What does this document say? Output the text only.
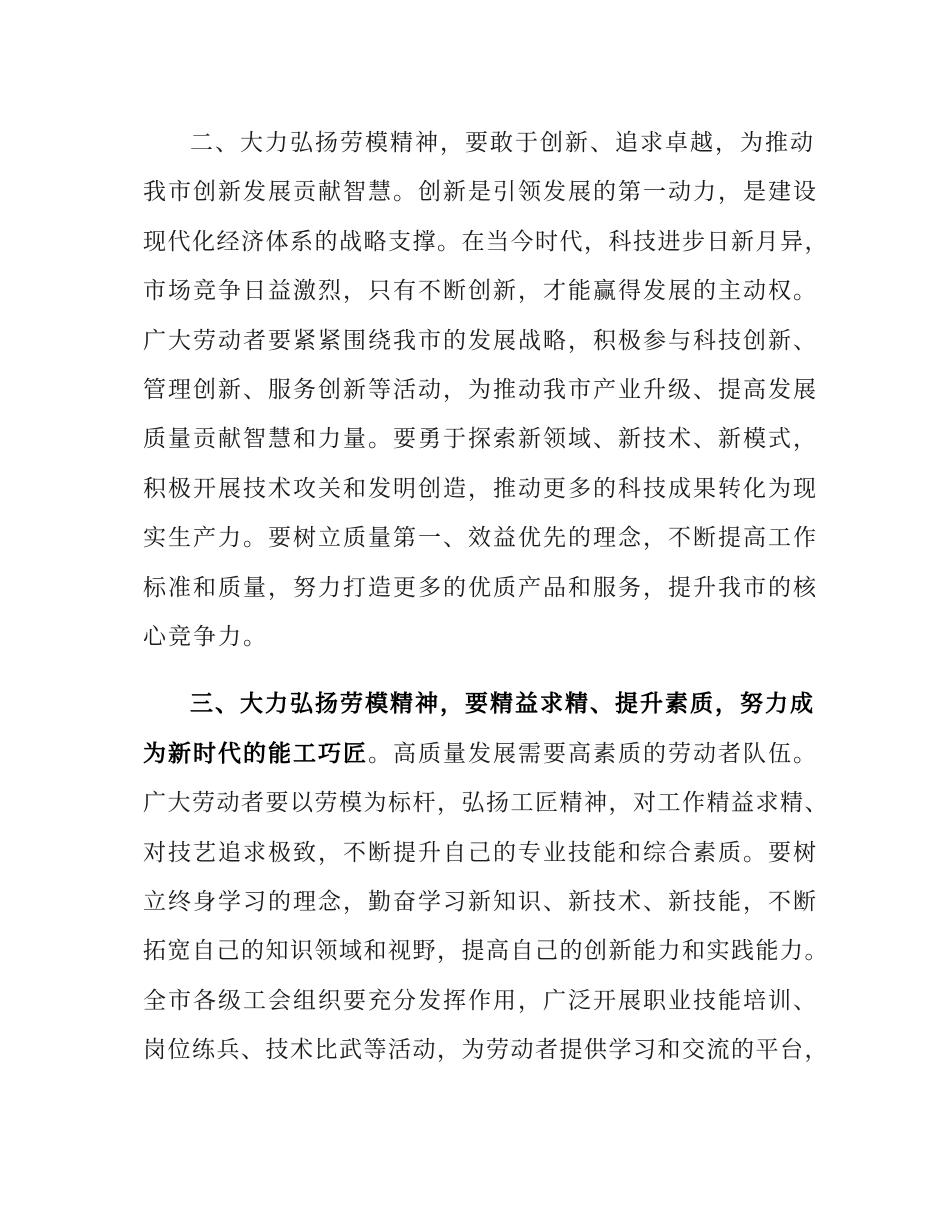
二、大力弘扬劳模精神，要敢于创新、追求卓越，为推动
我市创新发展贡献智慧。创新是引领发展的第一动力，是建设
现代化经济体系的战略支撑。在当今时代，科技进步日新月异，
市场竞争日益激烈，只有不断创新，才能赢得发展的主动权。
广大劳动者要紧紧围绕我市的发展战略，积极参与科技创新、
管理创新、服务创新等活动，为推动我市产业升级、提高发展
质量贡献智慧和力量。要勇于探索新领域、新技术、新模式，
积极开展技术攻关和发明创造，推动更多的科技成果转化为现
实生产力。要树立质量第一、效益优先的理念，不断提高工作
标准和质量，努力打造更多的优质产品和服务，提升我市的核
心竞争力。
三、大力弘扬劳模精神，要精益求精、提升素质，努力成
为新时代的能工巧匠。高质量发展需要高素质的劳动者队伍。
广大劳动者要以劳模为标杆，弘扬工匠精神，对工作精益求精、
对技艺追求极致，不断提升自己的专业技能和综合素质。要树
立终身学习的理念，勤奋学习新知识、新技术、新技能，不断
拓宽自己的知识领域和视野，提高自己的创新能力和实践能力。
全市各级工会组织要充分发挥作用，广泛开展职业技能培训、
岗位练兵、技术比武等活动，为劳动者提供学习和交流的平台，
